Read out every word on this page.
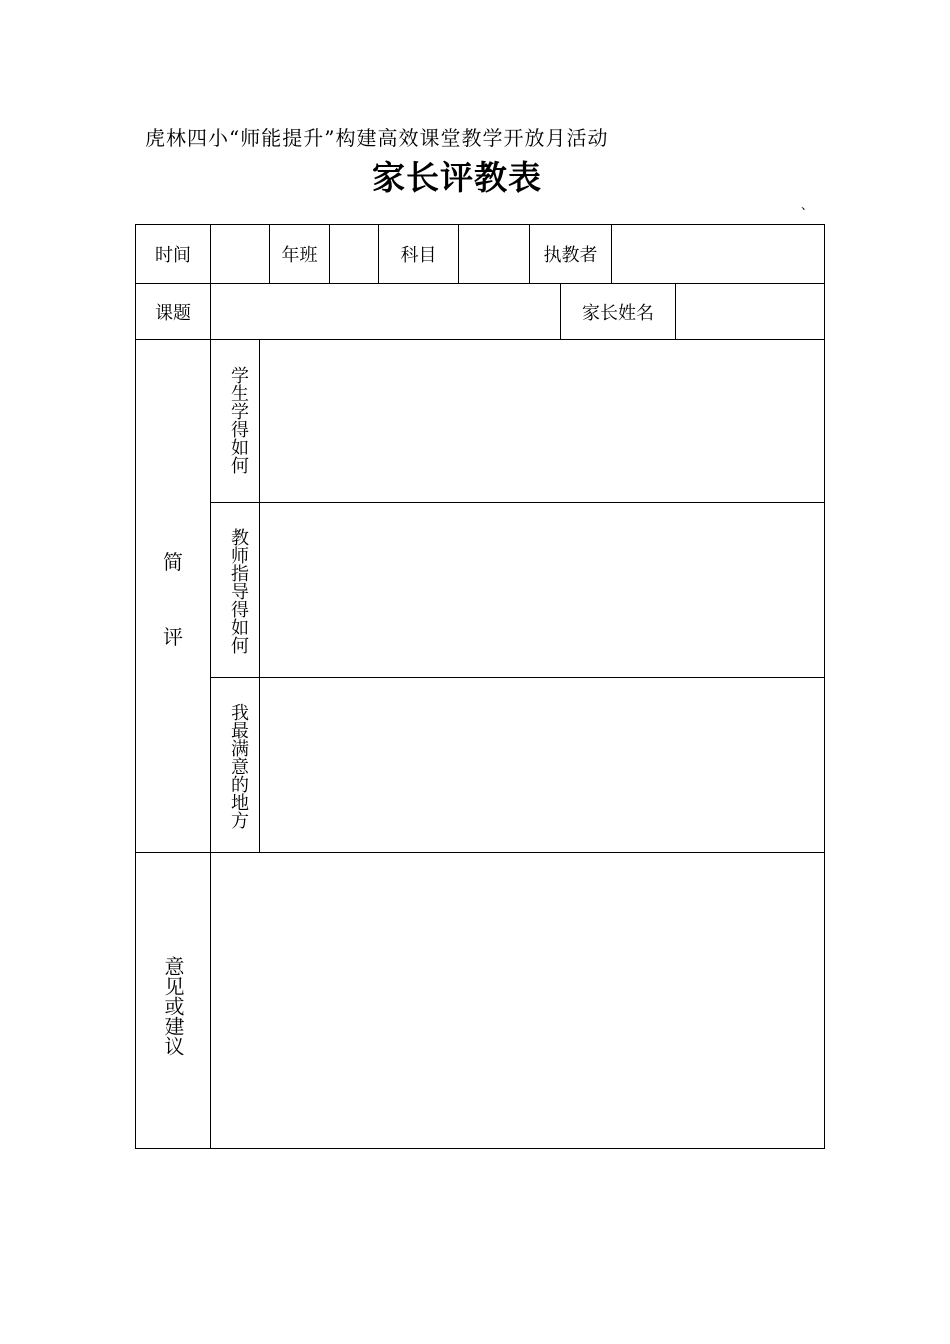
虎林四小“师能提升”构建高效课堂教学开放月活动
家长评教表
、
时间	年班	科目	执教者
课题	家长姓名
简
评
学生学得如何
教师指导得如何
我最满意的地方
意见或建议
